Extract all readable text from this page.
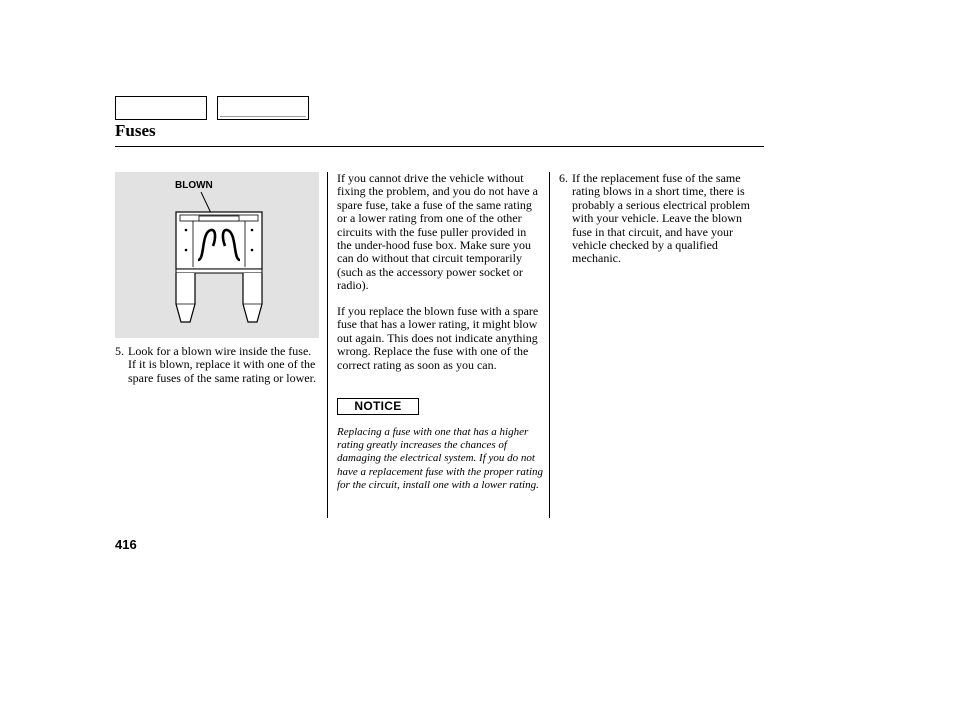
Fuses
BLOWN
5. Look for a blown wire inside the fuse. If it is blown, replace it with one of the spare fuses of the same rating or lower.

If you cannot drive the vehicle without fixing the problem, and you do not have a spare fuse, take a fuse of the same rating or a lower rating from one of the other circuits with the fuse puller provided in the under-hood fuse box. Make sure you can do without that circuit temporarily (such as the accessory power socket or radio).

If you replace the blown fuse with a spare fuse that has a lower rating, it might blow out again. This does not indicate anything wrong. Replace the fuse with one of the correct rating as soon as you can.

NOTICE

Replacing a fuse with one that has a higher rating greatly increases the chances of damaging the electrical system. If you do not have a replacement fuse with the proper rating for the circuit, install one with a lower rating.

6. If the replacement fuse of the same rating blows in a short time, there is probably a serious electrical problem with your vehicle. Leave the blown fuse in that circuit, and have your vehicle checked by a qualified mechanic.
416
